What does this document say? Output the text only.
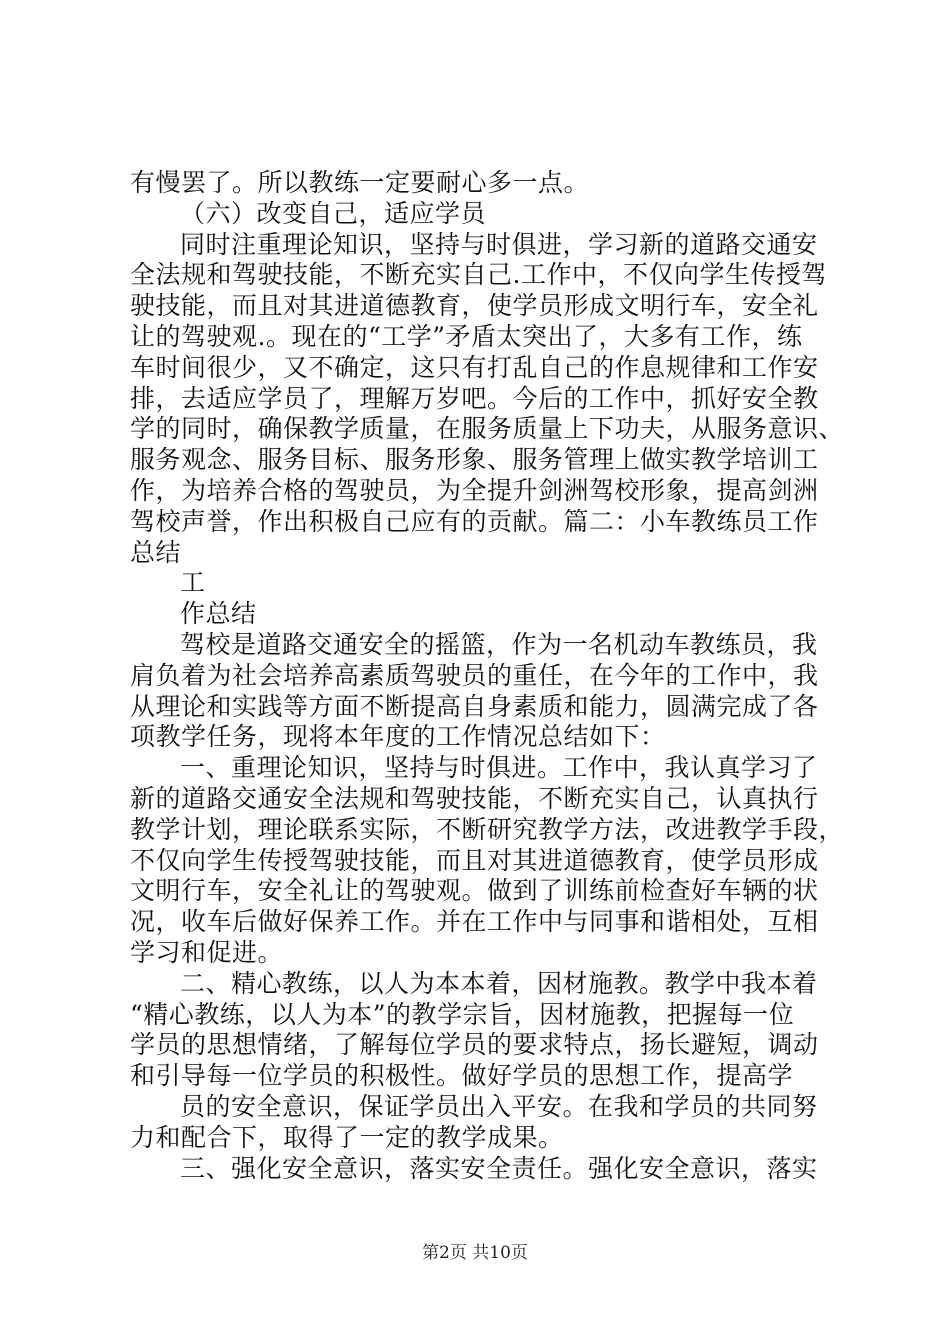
有慢罢了。所以教练一定要耐心多一点。
（六）改变自己，适应学员
同时注重理论知识，坚持与时俱进，学习新的道路交通安
全法规和驾驶技能，不断充实自己.工作中，不仅向学生传授驾
驶技能，而且对其进道德教育，使学员形成文明行车，安全礼
让的驾驶观.。现在的“工学”矛盾太突出了，大多有工作，练
车时间很少，又不确定，这只有打乱自己的作息规律和工作安
排，去适应学员了，理解万岁吧。今后的工作中，抓好安全教
学的同时，确保教学质量，在服务质量上下功夫，从服务意识、
服务观念、服务目标、服务形象、服务管理上做实教学培训工
作，为培养合格的驾驶员，为全提升剑洲驾校形象，提高剑洲
驾校声誉，作出积极自己应有的贡献。篇二：小车教练员工作
总结
工
作总结
驾校是道路交通安全的摇篮，作为一名机动车教练员，我
肩负着为社会培养高素质驾驶员的重任，在今年的工作中，我
从理论和实践等方面不断提高自身素质和能力，圆满完成了各
项教学任务，现将本年度的工作情况总结如下：
一、重理论知识，坚持与时俱进。工作中，我认真学习了
新的道路交通安全法规和驾驶技能，不断充实自己，认真执行
教学计划，理论联系实际，不断研究教学方法，改进教学手段，
不仅向学生传授驾驶技能，而且对其进道德教育，使学员形成
文明行车，安全礼让的驾驶观。做到了训练前检查好车辆的状
况，收车后做好保养工作。并在工作中与同事和谐相处，互相
学习和促进。
二、精心教练，以人为本本着，因材施教。教学中我本着
“精心教练，以人为本”的教学宗旨，因材施教，把握每一位
学员的思想情绪，了解每位学员的要求特点，扬长避短，调动
和引导每一位学员的积极性。做好学员的思想工作，提高学
员的安全意识，保证学员出入平安。在我和学员的共同努
力和配合下，取得了一定的教学成果。
三、强化安全意识，落实安全责任。强化安全意识，落实
第2页 共10页
